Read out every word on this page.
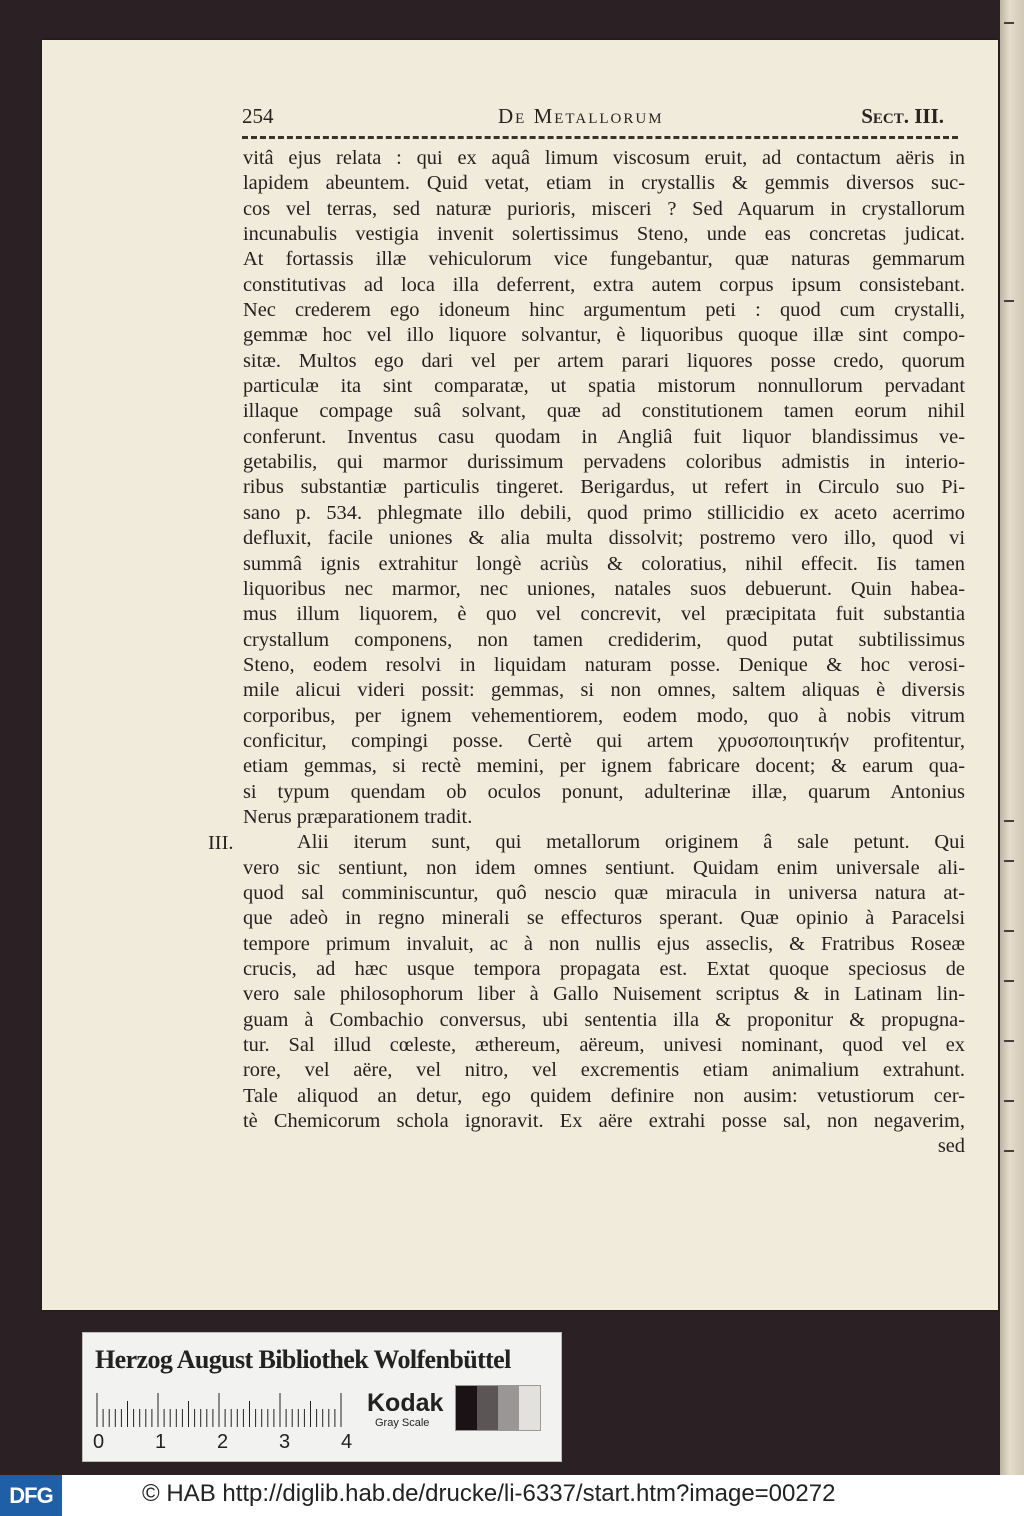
254	De Metallorum	Sect. III.
III.
vitâ ejus relata : qui ex aquâ limum viscosum eruit, ad contactum aëris in
lapidem abeuntem. Quid vetat, etiam in crystallis & gemmis diversos suc-
cos vel terras, sed naturæ purioris, misceri ? Sed Aquarum in crystallorum
incunabulis vestigia invenit solertissimus Steno, unde eas concretas judicat.
At fortassis illæ vehiculorum vice fungebantur, quæ naturas gemmarum
constitutivas ad loca illa deferrent, extra autem corpus ipsum consistebant.
Nec crederem ego idoneum hinc argumentum peti : quod cum crystalli,
gemmæ hoc vel illo liquore solvantur, è liquoribus quoque illæ sint compo-
sitæ. Multos ego dari vel per artem parari liquores posse credo, quorum
particulæ ita sint comparatæ, ut spatia mistorum nonnullorum pervadant
illaque compage suâ solvant, quæ ad constitutionem tamen eorum nihil
conferunt. Inventus casu quodam in Angliâ fuit liquor blandissimus ve-
getabilis, qui marmor durissimum pervadens coloribus admistis in interio-
ribus substantiæ particulis tingeret. Berigardus, ut refert in Circulo suo Pi-
sano p. 534. phlegmate illo debili, quod primo stillicidio ex aceto acerrimo
defluxit, facile uniones & alia multa dissolvit; postremo vero illo, quod vi
summâ ignis extrahitur longè acriùs & coloratius, nihil effecit. Iis tamen
liquoribus nec marmor, nec uniones, natales suos debuerunt. Quin habea-
mus illum liquorem, è quo vel concrevit, vel præcipitata fuit substantia
crystallum componens, non tamen crediderim, quod putat subtilissimus
Steno, eodem resolvi in liquidam naturam posse. Denique & hoc verosi-
mile alicui videri possit: gemmas, si non omnes, saltem aliquas è diversis
corporibus, per ignem vehementiorem, eodem modo, quo à nobis vitrum
conficitur, compingi posse. Certè qui artem χρυσοποιητικήν profitentur,
etiam gemmas, si rectè memini, per ignem fabricare docent; & earum qua-
si typum quendam ob oculos ponunt, adulterinæ illæ, quarum Antonius
Nerus præparationem tradit.
Alii iterum sunt, qui metallorum originem â sale petunt. Qui
vero sic sentiunt, non idem omnes sentiunt. Quidam enim universale ali-
quod sal comminiscuntur, quô nescio quæ miracula in universa natura at-
que adeò in regno minerali se effecturos sperant. Quæ opinio à Paracelsi
tempore primum invaluit, ac à non nullis ejus asseclis, & Fratribus Roseæ
crucis, ad hæc usque tempora propagata est. Extat quoque speciosus de
vero sale philosophorum liber à Gallo Nuisement scriptus & in Latinam lin-
guam à Combachio conversus, ubi sententia illa & proponitur & propugna-
tur. Sal illud cœleste, æthereum, aëreum, univesi nominant, quod vel ex
rore, vel aëre, vel nitro, vel excrementis etiam animalium extrahunt.
Tale aliquod an detur, ego quidem definire non ausim: vetustiorum cer-
tè Chemicorum schola ignoravit. Ex aëre extrahi posse sal, non negaverim,
sed
Herzog August Bibliothek Wolfenbüttel
0	1	2	3	4
Kodak
Gray Scale
DFG	© HAB http://diglib.hab.de/drucke/li-6337/start.htm?image=00272
